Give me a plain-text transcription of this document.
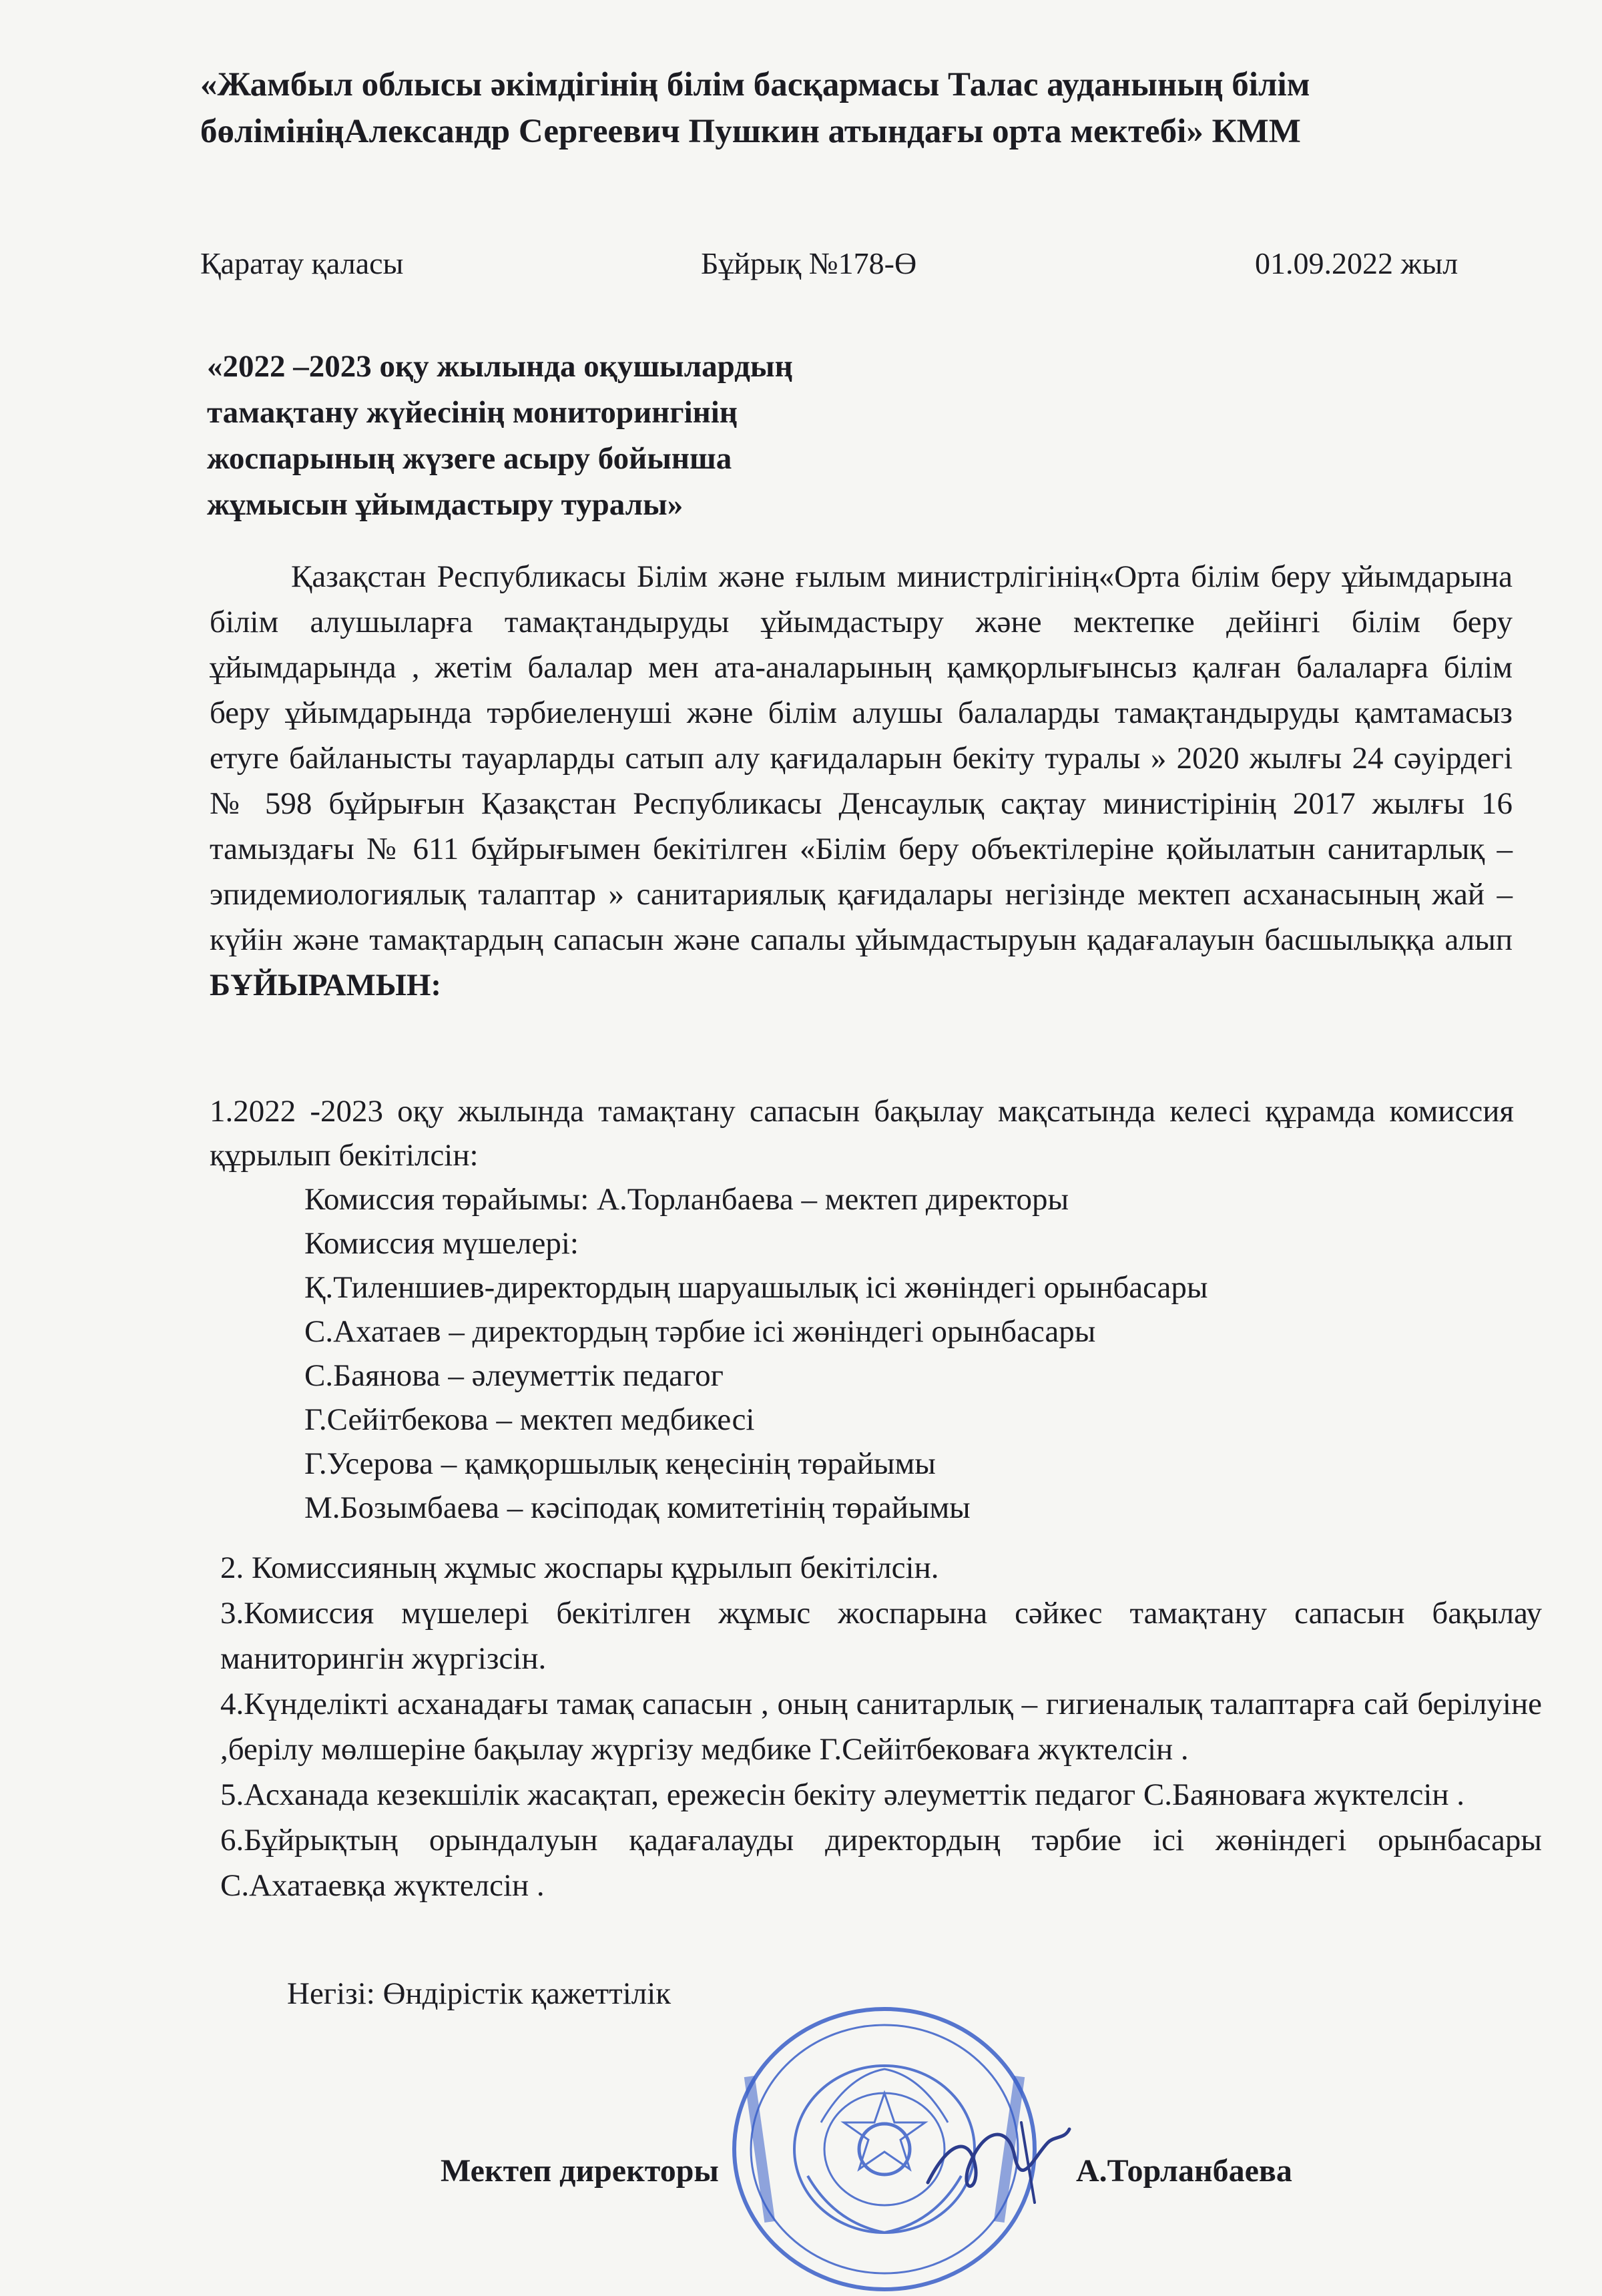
«Жамбыл облысы әкімдігінің білім басқармасы Талас ауданының білім
бөлімініңАлександр Сергеевич Пушкин атындағы орта мектебі» КММ
Қаратау қаласы	Бұйрық №178-Ө	01.09.2022 жыл
«2022 –2023 оқу жылында оқушылардың
тамақтану жүйесінің мониторингінің
жоспарының жүзеге асыру бойынша
жұмысын ұйымдастыру туралы»

Қазақстан Республикасы Білім және ғылым министрлігінің«Орта білім беру ұйымдарына білім алушыларға тамақтандыруды ұйымдастыру және мектепке дейінгі білім беру ұйымдарында , жетім балалар мен ата-аналарының қамқорлығынсыз қалған балаларға білім беру ұйымдарында тәрбиеленуші және білім алушы балаларды тамақтандыруды қамтамасыз етуге байланысты тауарларды сатып алу қағидаларын бекіту туралы » 2020 жылғы 24 сәуірдегі № 598 бұйрығын Қазақстан Республикасы Денсаулық сақтау министірінің 2017 жылғы 16 тамыздағы № 611 бұйрығымен бекітілген «Білім беру объектілеріне қойылатын санитарлық – эпидемиологиялық талаптар » санитариялық қағидалары негізінде мектеп асханасының жай –күйін және тамақтардың сапасын және сапалы ұйымдастыруын қадағалауын басшылыққа алып БҰЙЫРАМЫН:

1.2022 -2023 оқу жылында тамақтану сапасын бақылау мақсатында келесі құрамда комиссия құрылып бекітілсін:

Комиссия төрайымы: А.Торланбаева – мектеп директоры
Комиссия мүшелері:
Қ.Тиленшиев-директордың шаруашылық ісі жөніндегі орынбасары
С.Ахатаев – директордың тәрбие ісі жөніндегі орынбасары
С.Баянова – әлеуметтік педагог
Г.Сейітбекова – мектеп медбикесі
Г.Усерова – қамқоршылық кеңесінің төрайымы
М.Бозымбаева – кәсіподақ комитетінің төрайымы

2. Комиссияның жұмыс жоспары құрылып бекітілсін.

3.Комиссия мүшелері бекітілген жұмыс жоспарына сәйкес тамақтану сапасын бақылау маниторингін жүргізсін.

4.Күнделікті асханадағы тамақ сапасын , оның санитарлық – гигиеналық талаптарға сай берілуіне ,берілу мөлшеріне бақылау жүргізу медбике Г.Сейітбековаға жүктелсін .

5.Асханада кезекшілік жасақтап, ережесін бекіту әлеуметтік педагог С.Баяноваға жүктелсін .

6.Бұйрықтың орындалуын қадағалауды директордың тәрбие ісі жөніндегі орынбасары С.Ахатаевқа жүктелсін .

Негізі: Өндірістік қажеттілік
Мектеп директоры	А.Торланбаева
